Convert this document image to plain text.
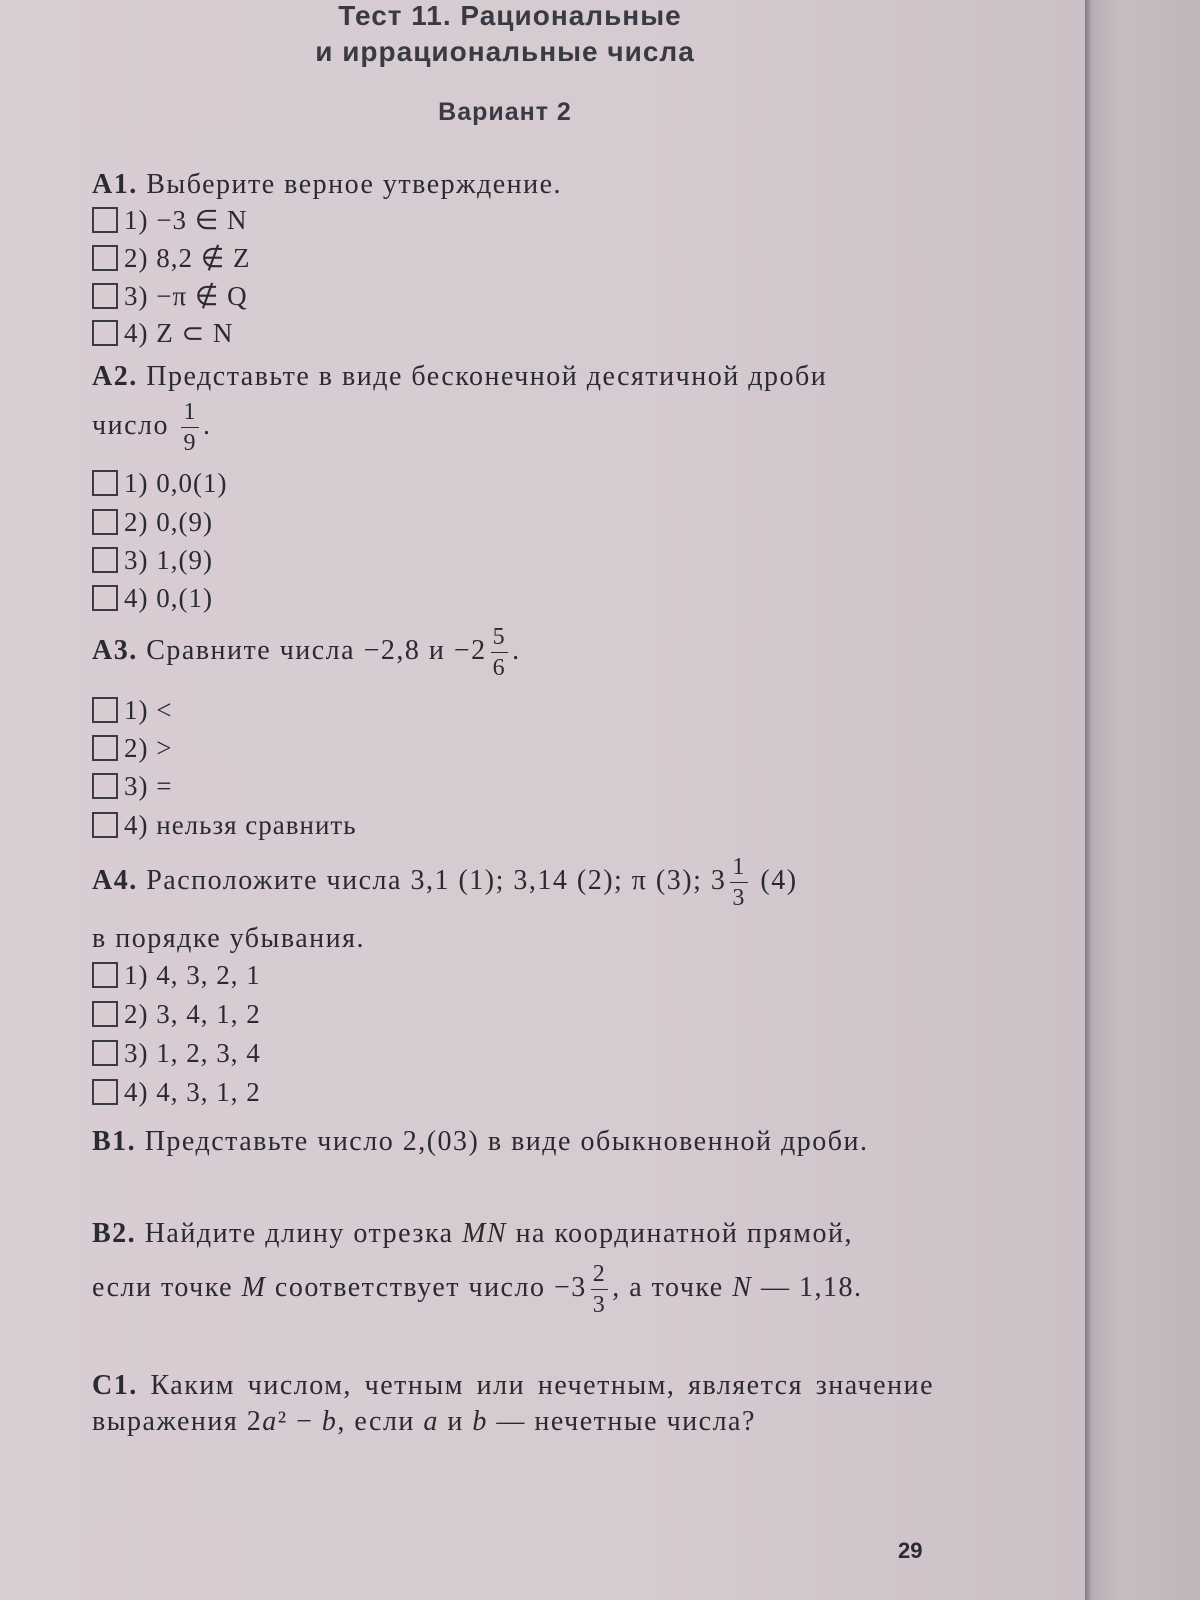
Тест 11. Рациональные
и иррациональные числа
Вариант 2
А1. Выберите верное утверждение.
1) −3 ∈ N
2) 8,2 ∉ Z
3) −π ∉ Q
4) Z ⊂ N
А2. Представьте в виде бесконечной десятичной дроби
число $\frac{1}{9}$ .
1) 0,0(1)
2) 0,(9)
3) 1,(9)
4) 0,(1)
А3. Сравните числа −2,8 $и -2 \frac{5}{6}$ .
1) <
2) >
3) =
4) нельзя сравнить
А4. Расположите числа 3,1 (1); 3,14 (2); π (3); $3 \frac{1}{3} (4)$
в порядке убывания.
1) 4, 3, 2, 1
2) 3, 4, 1, 2
3) 1, 2, 3, 4
4) 4, 3, 1, 2
В1. Представьте число 2,(03) в виде обыкновенной дроби.
В2. Найдите длину отрезка MN на координатной прямой,
если точке M соответствует число $-3 \frac{2}{3}$ , а точке N — 1,18.
С1. Каким числом, четным или нечетным, является значение выражения 2a² − b, если a и b — нечетные числа?
29
